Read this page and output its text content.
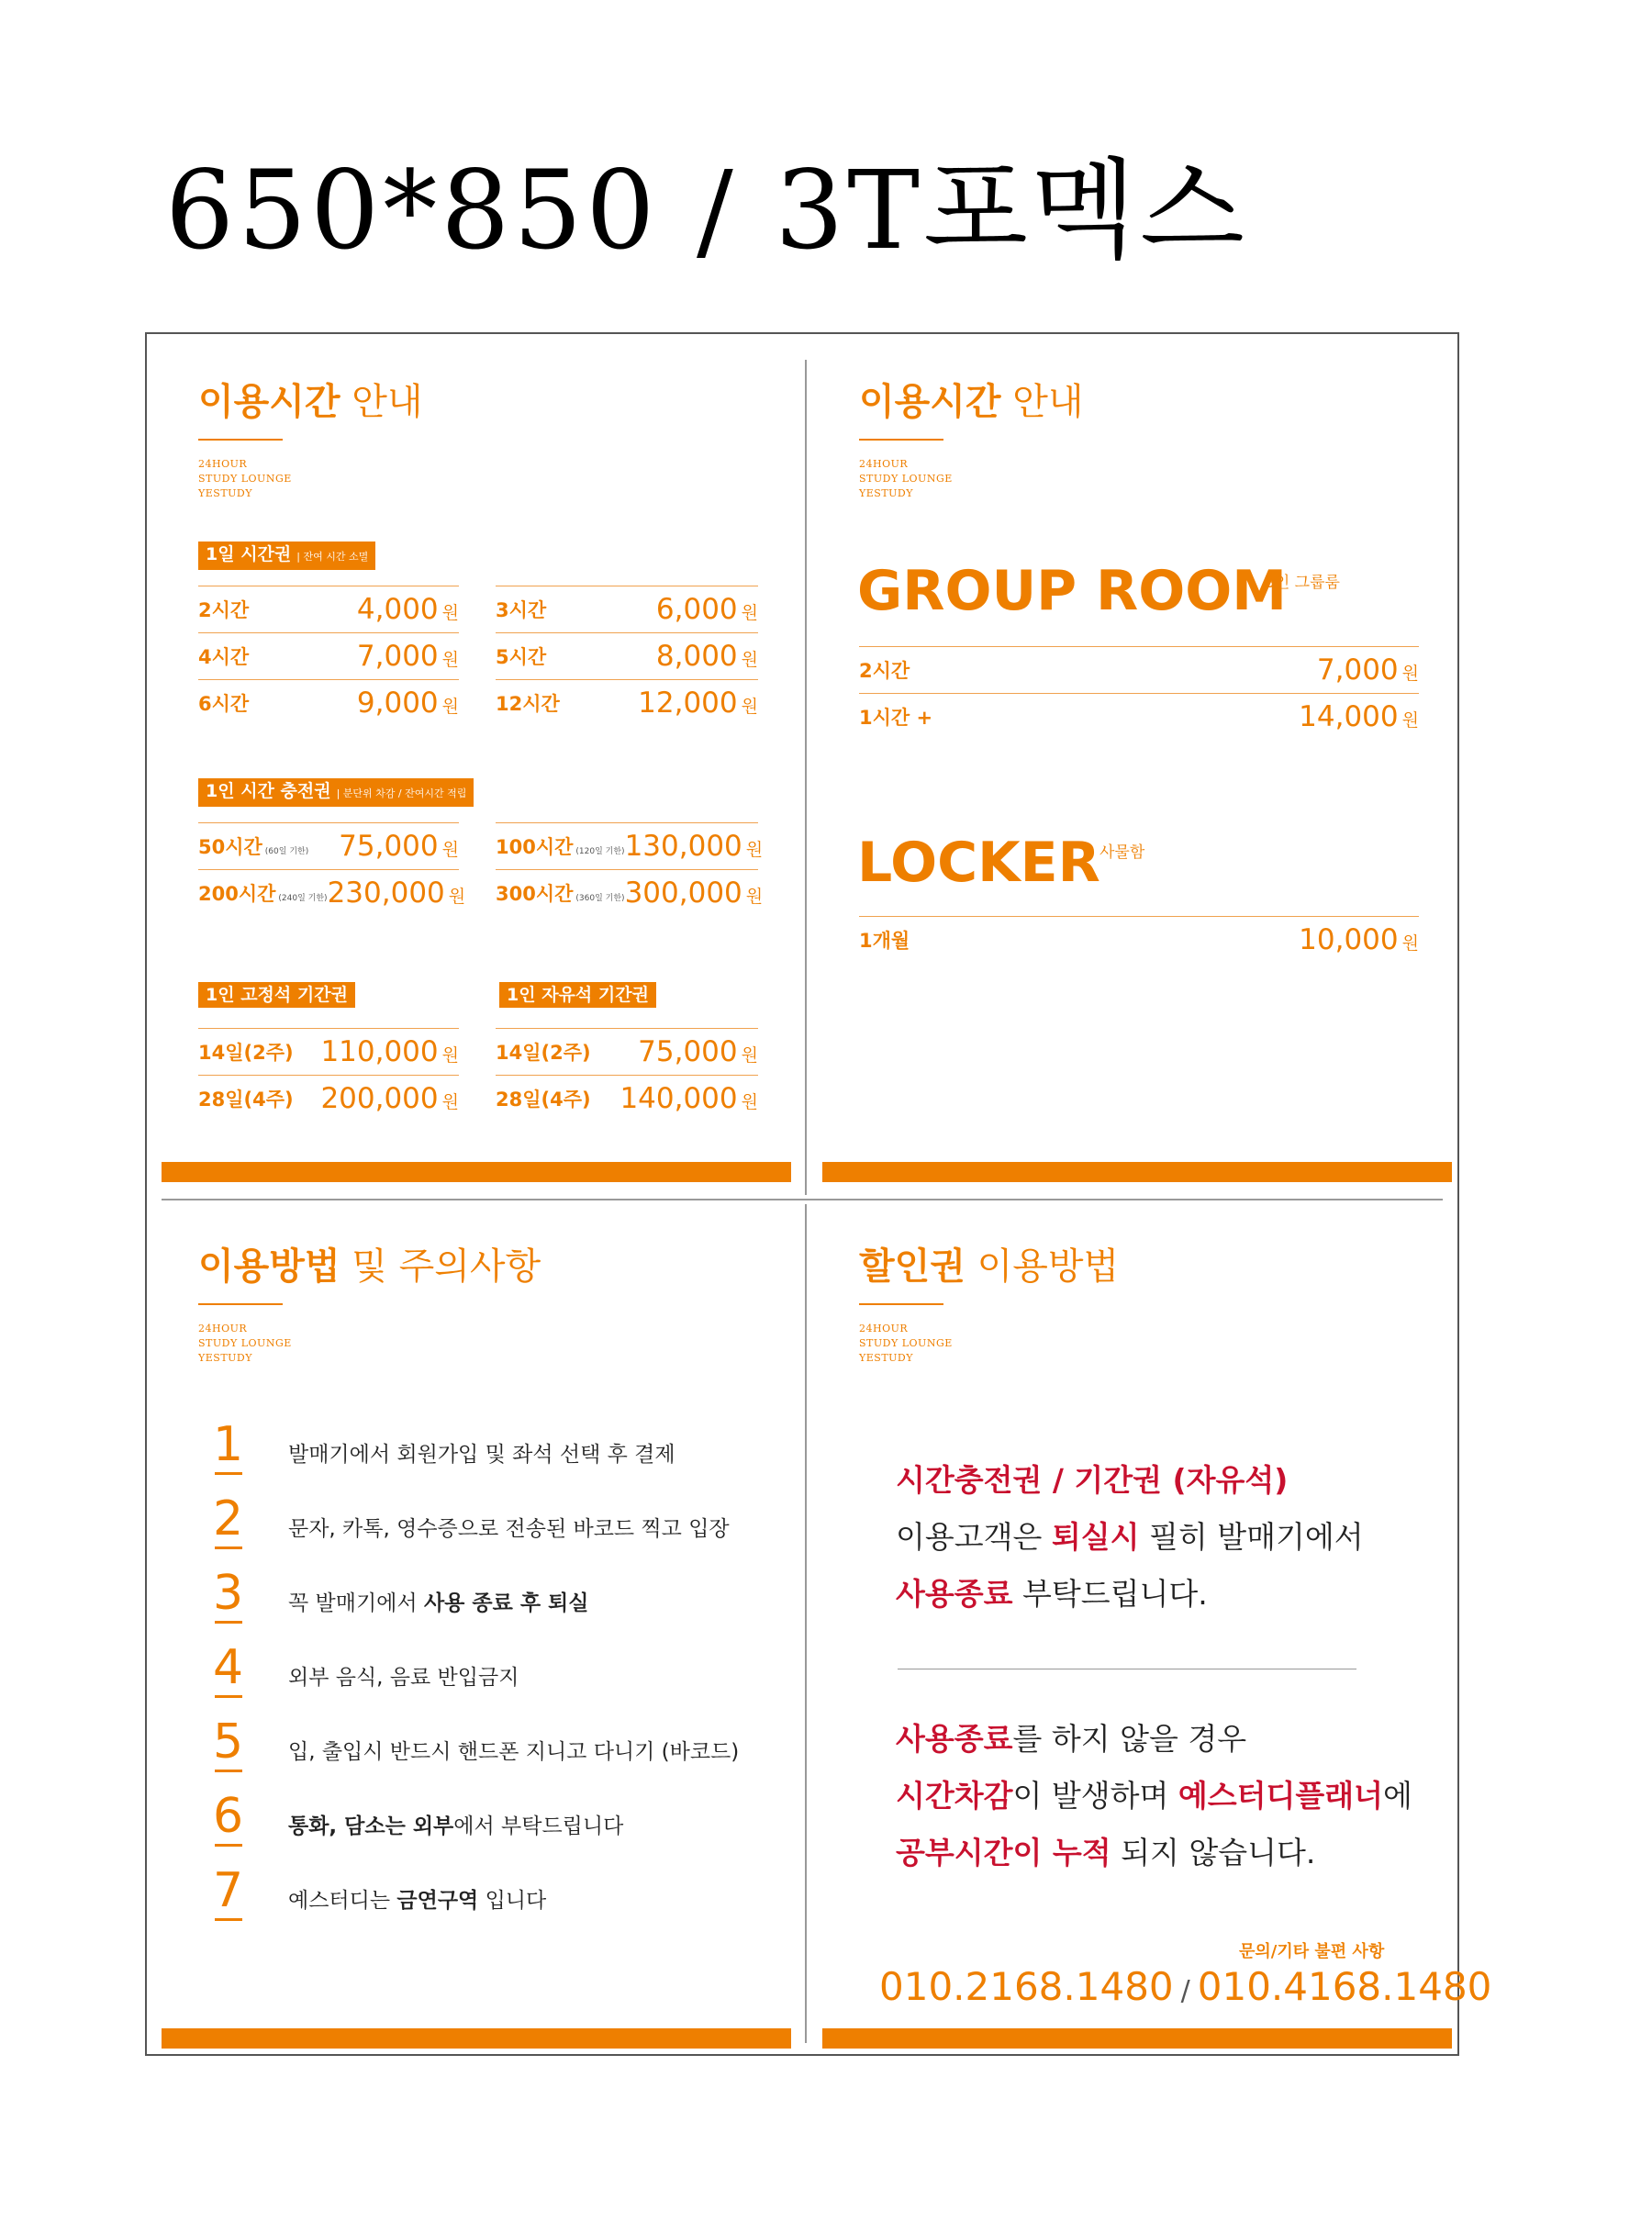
650*850 / 3T포멕스
이용시간 안내
24HOUR
STUDY LOUNGE
YESTUDY
1일 시간권 | 잔여 시간 소멸
2시간	4,000 원
4시간	7,000 원
6시간	9,000 원
3시간	6,000 원
5시간	8,000 원
12시간	12,000 원
1인 시간 충전권 | 분단위 차감 / 잔여시간 적립
50시간 (60일 기한) 75,000 원
200시간 (240일 기한) 230,000 원
100시간 (120일 기한) 130,000 원
300시간 (360일 기한) 300,000 원
1인 고정석 기간권
14일(2주) 110,000 원
28일(4주) 200,000 원
1인 자유석 기간권
14일(2주) 75,000 원
28일(4주) 140,000 원
이용시간 안내
24HOUR
STUDY LOUNGE
YESTUDY
GROUP ROOM
8인 그룹룸
2시간	7,000 원
1시간 +	14,000 원
LOCKER 사물함
1개월	10,000 원
이용방법 및 주의사항
24HOUR
STUDY LOUNGE
YESTUDY
1 발매기에서 회원가입 및 좌석 선택 후 결제
2 문자, 카톡, 영수증으로 전송된 바코드 찍고 입장
3 꼭 발매기에서 사용 종료 후 퇴실
4 외부 음식, 음료 반입금지
5 입, 출입시 반드시 핸드폰 지니고 다니기 (바코드)
6 통화, 담소는 외부에서 부탁드립니다
7 예스터디는 금연구역 입니다
할인권 이용방법
24HOUR
STUDY LOUNGE
YESTUDY
시간충전권 / 기간권 (자유석)
이용고객은 퇴실시 필히 발매기에서
사용종료 부탁드립니다.
사용종료를 하지 않을 경우
시간차감이 발생하며 예스터디플래너에
공부시간이 누적 되지 않습니다.
문의/기타 불편 사항
010.2168.1480 / 010.4168.1480
